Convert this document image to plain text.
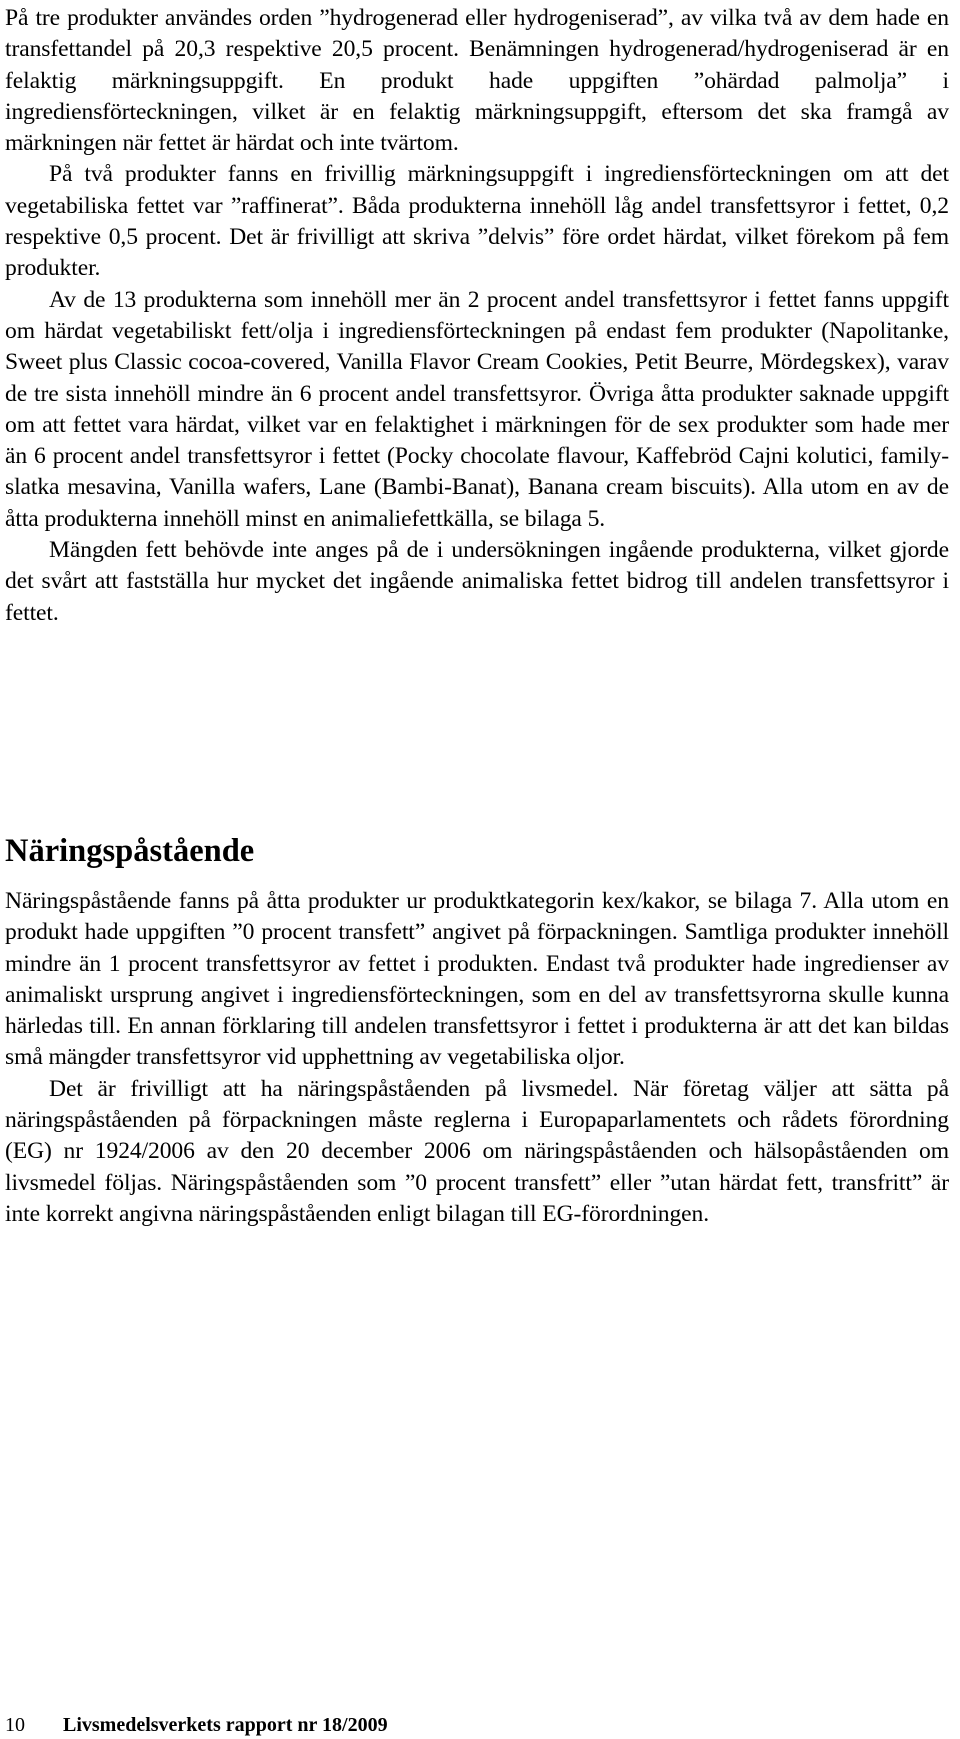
På tre produkter användes orden ”hydrogenerad eller hydrogeniserad”, av vilka två av dem hade en transfettandel på 20,3 respektive 20,5 procent. Benämningen hydrogenerad/hydrogeniserad är en felaktig märkningsuppgift. En produkt hade uppgiften ”ohärdad palmolja” i ingrediensförteckningen, vilket är en felaktig märkningsuppgift, eftersom det ska framgå av märkningen när fettet är härdat och inte tvärtom.

På två produkter fanns en frivillig märkningsuppgift i ingrediensförteckningen om att det vegetabiliska fettet var ”raffinerat”. Båda produkterna innehöll låg andel transfettsyror i fettet, 0,2 respektive 0,5 procent. Det är frivilligt att skriva ”delvis” före ordet härdat, vilket förekom på fem produkter.

Av de 13 produkterna som innehöll mer än 2 procent andel transfettsyror i fettet fanns uppgift om härdat vegetabiliskt fett/olja i ingrediensförteckningen på endast fem produkter (Napolitanke, Sweet plus Classic cocoa-covered, Vanilla Flavor Cream Cookies, Petit Beurre, Mördegskex), varav de tre sista innehöll mindre än 6 procent andel transfettsyror. Övriga åtta produkter saknade uppgift om att fettet vara härdat, vilket var en felaktighet i märkningen för de sex produkter som hade mer än 6 procent andel transfettsyror i fettet (Pocky chocolate flavour, Kaffebröd Cajni kolutici, family-slatka mesavina, Vanilla wafers, Lane (Bambi-Banat), Banana cream biscuits). Alla utom en av de åtta produkterna innehöll minst en animaliefettkälla, se bilaga 5.

Mängden fett behövde inte anges på de i undersökningen ingående produkterna, vilket gjorde det svårt att fastställa hur mycket det ingående animaliska fettet bidrog till andelen transfettsyror i fettet.

Näringspåstående

Näringspåstående fanns på åtta produkter ur produktkategorin kex/kakor, se bilaga 7. Alla utom en produkt hade uppgiften ”0 procent transfett” angivet på förpackningen. Samtliga produkter innehöll mindre än 1 procent transfettsyror av fettet i produkten. Endast två produkter hade ingredienser av animaliskt ursprung angivet i ingrediensförteckningen, som en del av transfettsyrorna skulle kunna härledas till. En annan förklaring till andelen transfettsyror i fettet i produkterna är att det kan bildas små mängder transfettsyror vid upphettning av vegetabiliska oljor.

Det är frivilligt att ha näringspåståenden på livsmedel. När företag väljer att sätta på näringspåståenden på förpackningen måste reglerna i Europaparlamentets och rådets förordning (EG) nr 1924/2006 av den 20 december 2006 om näringspåståenden och hälsopåståenden om livsmedel följas. Näringspåståenden som ”0 procent transfett” eller ”utan härdat fett, transfritt” är inte korrekt angivna näringspåståenden enligt bilagan till EG-förordningen.

10 Livsmedelsverkets rapport nr 18/2009
